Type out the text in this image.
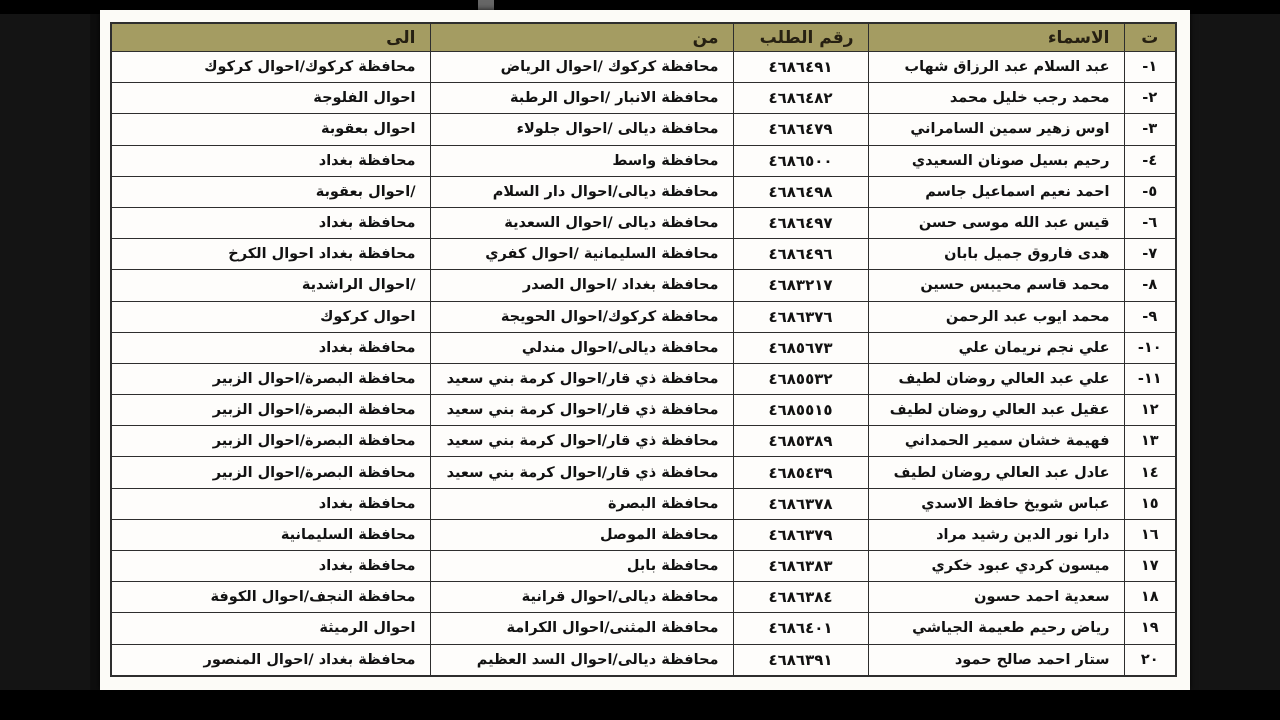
ت	الاسماء	رقم الطلب	من	الى
١-	عبد السلام عبد الرزاق شهاب	٤٦٨٦٤٩١	محافظة كركوك /احوال الرياض	محافظة كركوك/احوال كركوك
٢-	محمد رجب خليل محمد	٤٦٨٦٤٨٢	محافظة الانبار /احوال الرطبة	احوال الفلوجة
٣-	اوس زهير سمين السامراني	٤٦٨٦٤٧٩	محافظة ديالى /احوال جلولاء	احوال بعقوبة
٤-	رحيم بسيل صونان السعيدي	٤٦٨٦٥٠٠	محافظة واسط	محافظة بغداد
٥-	احمد نعيم اسماعيل جاسم	٤٦٨٦٤٩٨	محافظة ديالى/احوال دار السلام	/احوال بعقوبة
٦-	قيس عبد الله موسى حسن	٤٦٨٦٤٩٧	محافظة ديالى /احوال السعدية	محافظة بغداد
٧-	هدى فاروق جميل بابان	٤٦٨٦٤٩٦	محافظة السليمانية /احوال كفري	محافظة بغداد احوال الكرخ
٨-	محمد قاسم محيبس حسين	٤٦٨٣٢١٧	محافظة بغداد /احوال الصدر	/احوال الراشدية
٩-	محمد ايوب عبد الرحمن	٤٦٨٦٣٧٦	محافظة كركوك/احوال الحويجة	احوال كركوك
١٠-	علي نجم نريمان علي	٤٦٨٥٦٧٣	محافظة ديالى/احوال مندلي	محافظة بغداد
١١-	علي عبد العالي روضان لطيف	٤٦٨٥٥٣٢	محافظة ذي قار/احوال كرمة بني سعيد	محافظة البصرة/احوال الزبير
١٢	عقيل عبد العالي روضان لطيف	٤٦٨٥٥١٥	محافظة ذي قار/احوال كرمة بني سعيد	محافظة البصرة/احوال الزبير
١٣	فهيمة خشان سمير الحمداني	٤٦٨٥٣٨٩	محافظة ذي قار/احوال كرمة بني سعيد	محافظة البصرة/احوال الزبير
١٤	عادل عبد العالي روضان لطيف	٤٦٨٥٤٣٩	محافظة ذي قار/احوال كرمة بني سعيد	محافظة البصرة/احوال الزبير
١٥	عباس شويخ حافظ الاسدي	٤٦٨٦٣٧٨	محافظة البصرة	محافظة بغداد
١٦	دارا نور الدين رشيد مراد	٤٦٨٦٣٧٩	محافظة الموصل	محافظة السليمانية
١٧	ميسون كردي عبود خكري	٤٦٨٦٣٨٣	محافظة بابل	محافظة بغداد
١٨	سعدية احمد حسون	٤٦٨٦٣٨٤	محافظة ديالى/احوال قرانية	محافظة النجف/احوال الكوفة
١٩	رياض رحيم طعيمة الجياشي	٤٦٨٦٤٠١	محافظة المثنى/احوال الكرامة	احوال الرميثة
٢٠	ستار احمد صالح حمود	٤٦٨٦٣٩١	محافظة ديالى/احوال السد العظيم	محافظة بغداد /احوال المنصور
